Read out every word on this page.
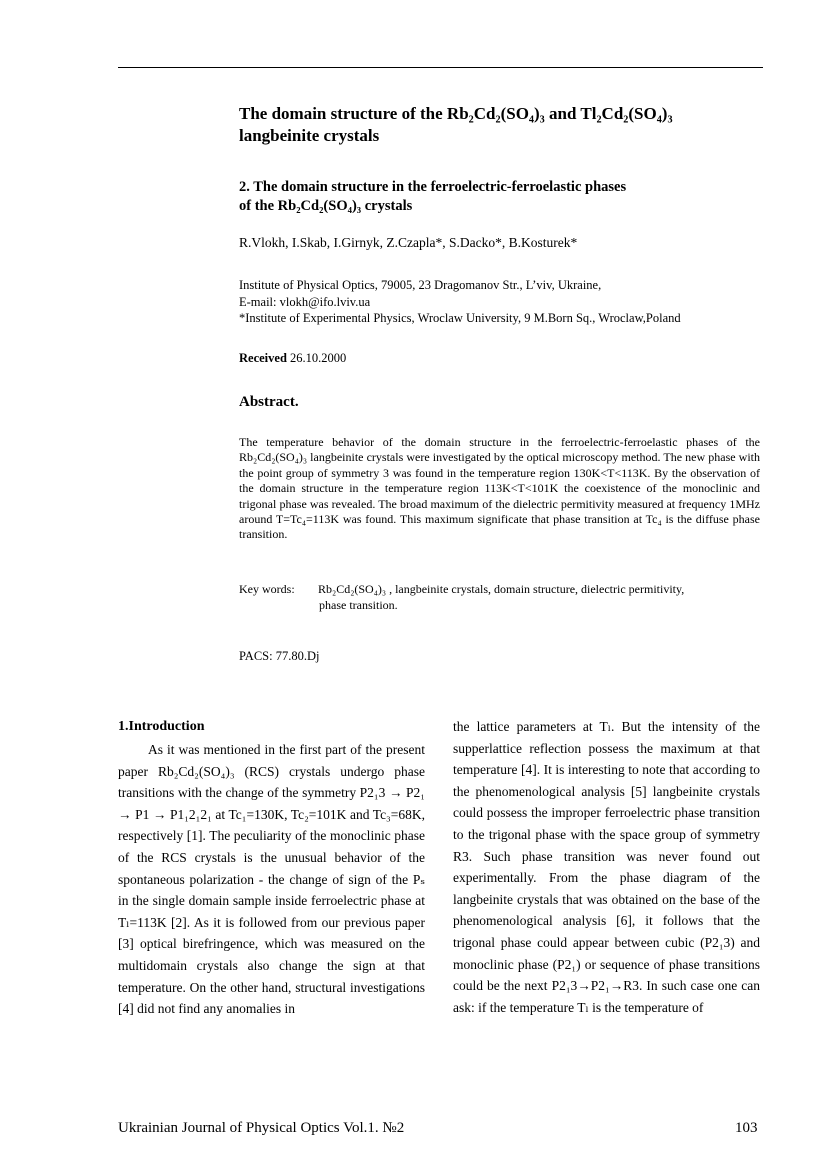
The domain structure of the Rb₂Cd₂(SO₄)₃ and Tl₂Cd₂(SO₄)₃
langbeinite crystals
2. The domain structure in the ferroelectric-ferroelastic phases
of the Rb₂Cd₂(SO₄)₃ crystals
R.Vlokh, I.Skab, I.Girnyk, Z.Czapla*, S.Dacko*, B.Kosturek*
Institute of Physical Optics, 79005, 23 Dragomanov Str., L’viv, Ukraine,
E-mail: vlokh@ifo.lviv.ua
*Institute of Experimental Physics, Wroclaw University, 9 M.Born Sq., Wroclaw,Poland
Received 26.10.2000
Abstract.
The temperature behavior of the domain structure in the ferroelectric-ferroelastic phases of the Rb₂Cd₂(SO₄)₃ langbeinite crystals were investigated by the optical microscopy method. The new phase with the point group of symmetry 3 was found in the temperature region 130K<T<113K. By the observation of the domain structure in the temperature region 113K<T<101K the coexistence of the monoclinic and trigonal phase was revealed. The broad maximum of the dielectric permitivity measured at frequency 1MHz around T=Tc₄=113K was found. This maximum significate that phase transition at Tc₄ is the diffuse phase transition.
Key words: Rb₂Cd₂(SO₄)₃ , langbeinite crystals, domain structure, dielectric permitivity,
phase transition.
PACS: 77.80.Dj
1.Introduction

As it was mentioned in the first part of the present paper Rb₂Cd₂(SO₄)₃ (RCS) crystals undergo phase transitions with the change of the symmetry P2₁3 → P2₁ → P1 → P1₁2₁2₁ at Tc₁=130K, Tc₂=101K and Tc₃=68K, respectively [1]. The peculiarity of the monoclinic phase of the RCS crystals is the unusual behavior of the spontaneous polarization - the change of sign of the Pₛ in the single domain sample inside ferroelectric phase at Tₗ=113K [2]. As it is followed from our previous paper [3] optical birefringence, which was measured on the multidomain crystals also change the sign at that temperature. On the other hand, structural investigations [4] did not find any anomalies in

the lattice parameters at Tₗ. But the intensity of the supperlattice reflection possess the maximum at that temperature [4]. It is interesting to note that according to the phenomenological analysis [5] langbeinite crystals could possess the improper ferroelectric phase transition to the trigonal phase with the space group of symmetry R3. Such phase transition was never found out experimentally. From the phase diagram of the langbeinite crystals that was obtained on the base of the phenomenological analysis [6], it follows that the trigonal phase could appear between cubic (P2₁3) and monoclinic phase (P2₁) or sequence of phase transitions could be the next P2₁3→P2₁→R3. In such case one can ask: if the temperature Tₗ is the temperature of

Ukrainian Journal of Physical Optics Vol.1. №2	103
